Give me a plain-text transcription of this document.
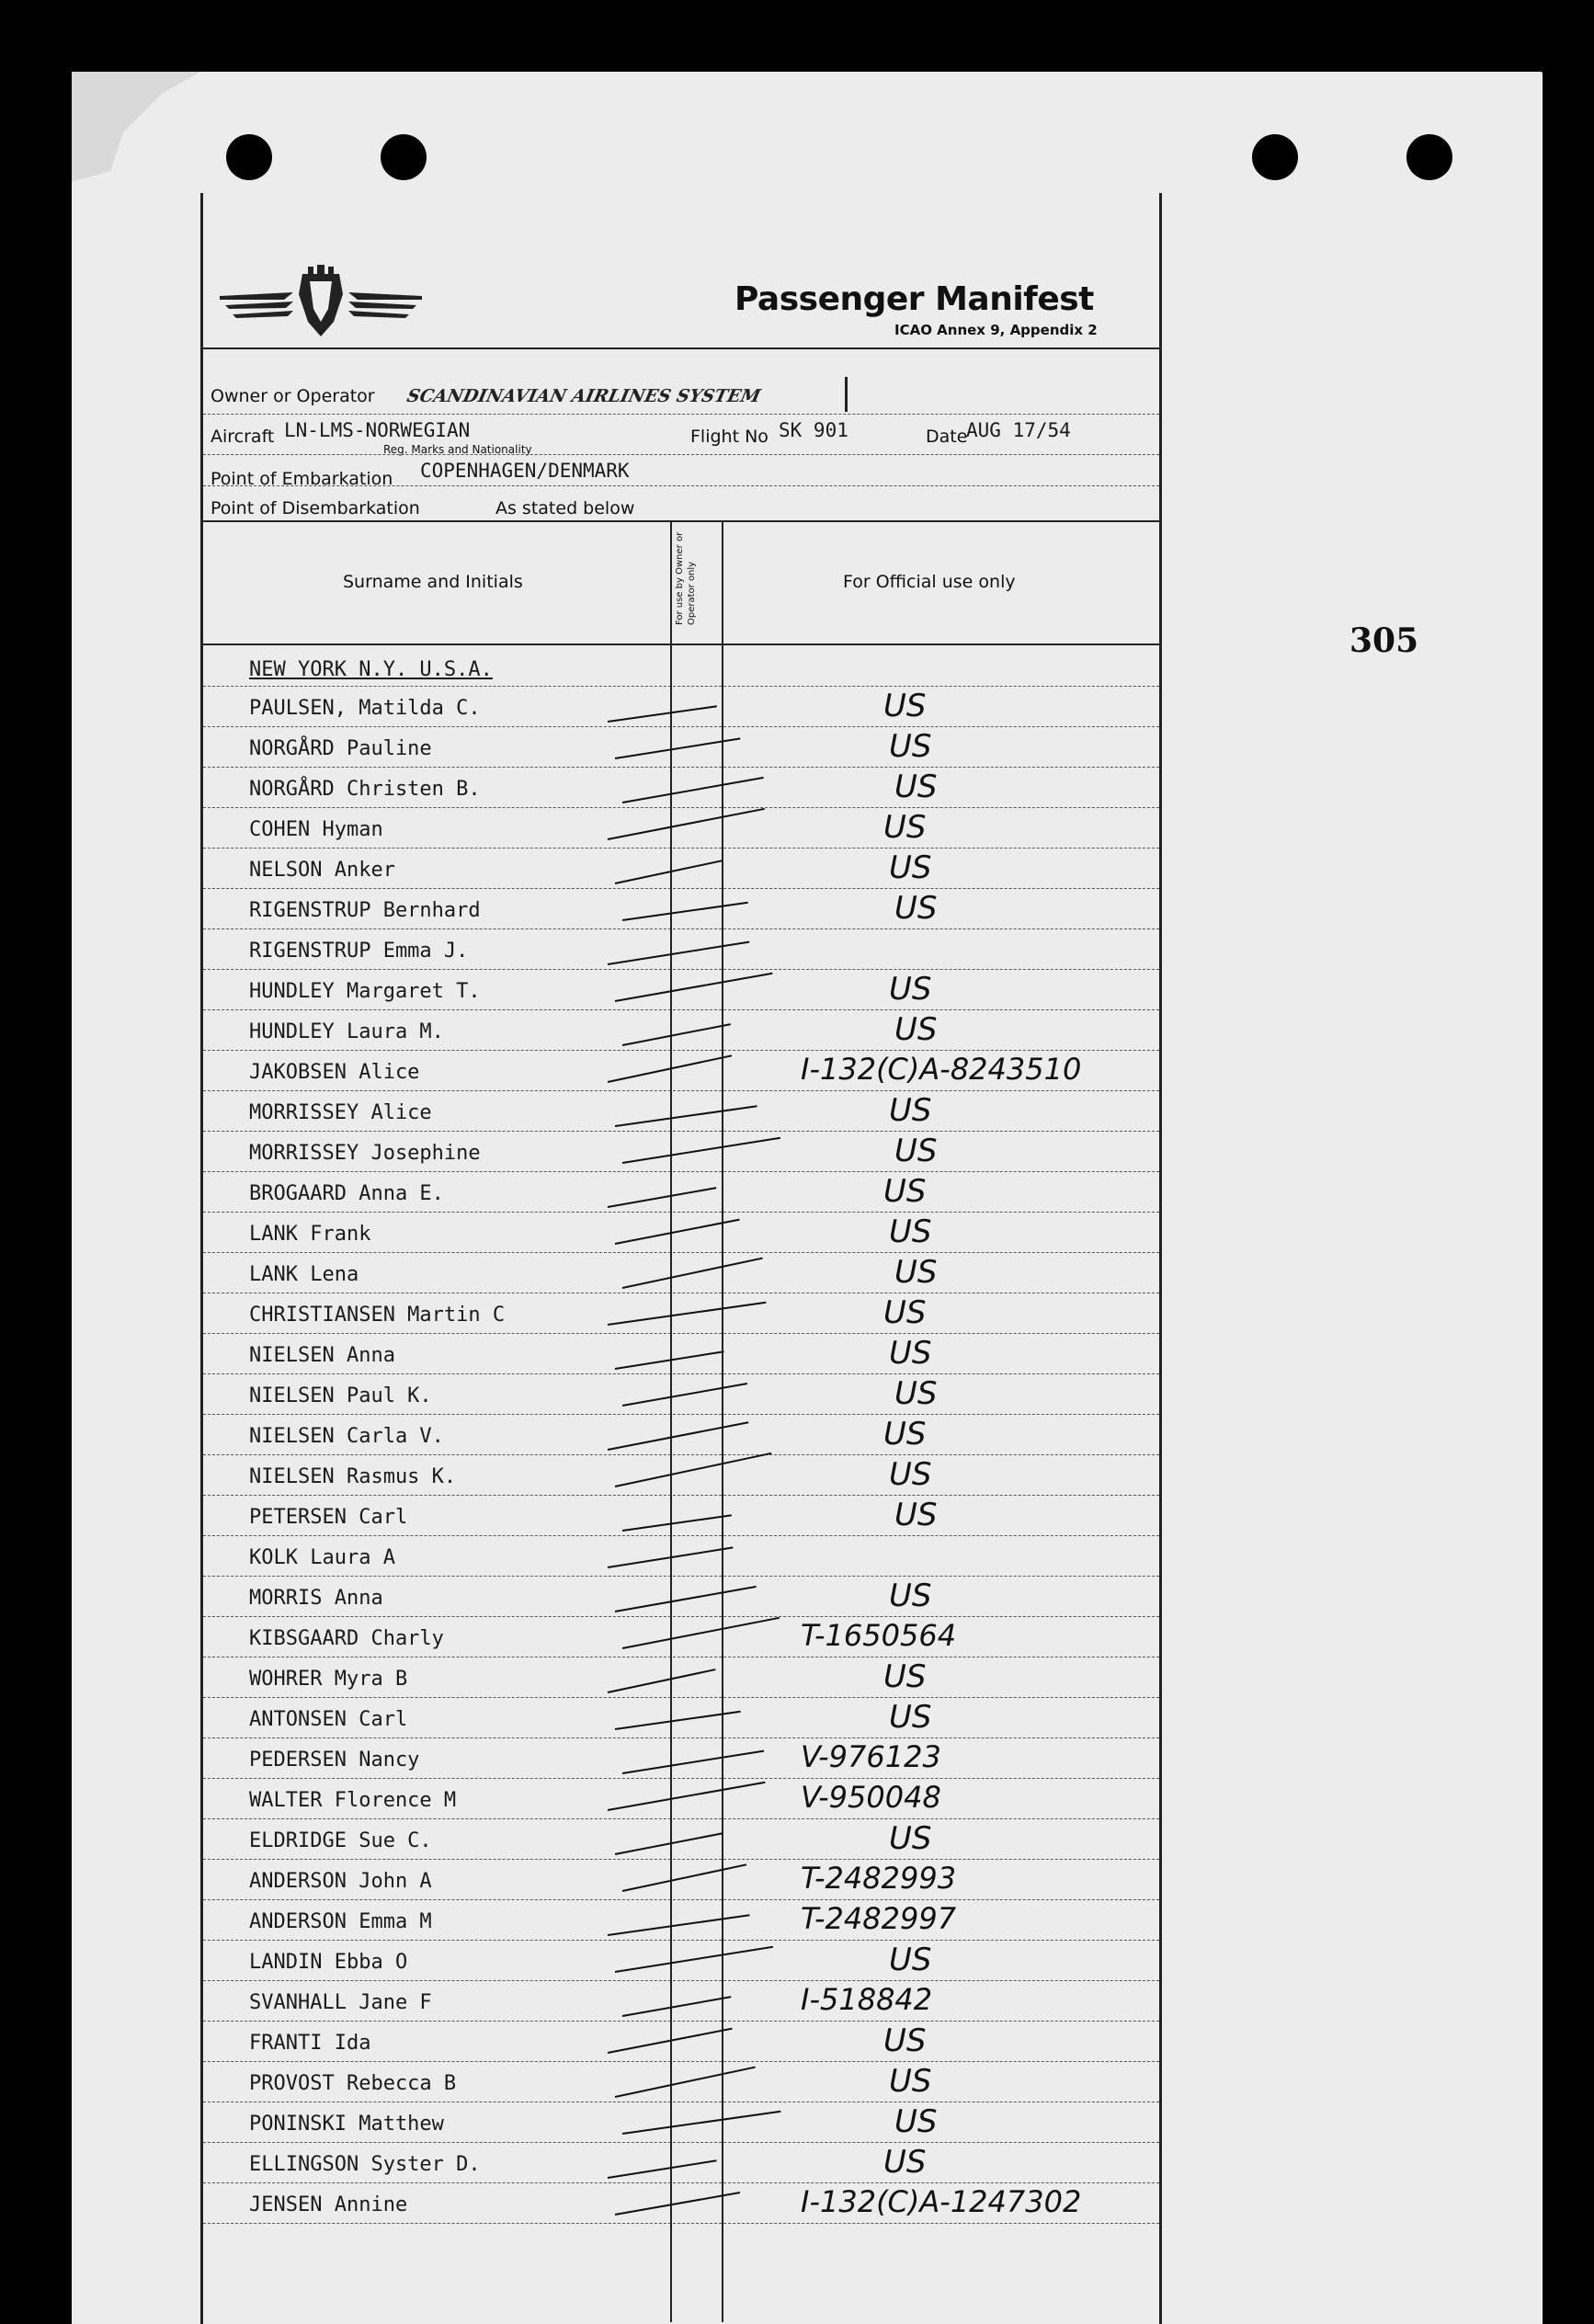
305
Passenger Manifest
ICAO Annex 9, Appendix 2
Owner or Operator SCANDINAVIAN AIRLINES SYSTEM
Aircraft LN-LMS-NORWEGIAN
Reg. Marks and Nationality
Flight No SK 901	Date
AUG 17/54
Point of Embarkation COPENHAGEN/DENMARK
Point of Disembarkation	As stated below
Surname and Initials	For use by Owner or Operator only	For Official use only
NEW YORK N.Y. U.S.A.
PAULSEN, Matilda C.	US
NORGÅRD Pauline	US
NORGÅRD Christen B.	US
COHEN Hyman	US
NELSON Anker	US
RIGENSTRUP Bernhard	US
RIGENSTRUP Emma J.
HUNDLEY Margaret T.	US
HUNDLEY Laura M.	US
JAKOBSEN Alice	I-132(C)A-8243510
MORRISSEY Alice	US
MORRISSEY Josephine	US
BROGAARD Anna E.	US
LANK Frank	US
LANK Lena	US
CHRISTIANSEN Martin C	US
NIELSEN Anna	US
NIELSEN Paul K.	US
NIELSEN Carla V.	US
NIELSEN Rasmus K.	US
PETERSEN Carl	US
KOLK Laura A
MORRIS Anna	US
KIBSGAARD Charly	T-1650564
WOHRER Myra B	US
ANTONSEN Carl	US
PEDERSEN Nancy	V-976123
WALTER Florence M	V-950048
ELDRIDGE Sue C.	US
ANDERSON John A	T-2482993
ANDERSON Emma M	T-2482997
LANDIN Ebba O	US
SVANHALL Jane F	I-518842
FRANTI Ida	US
PROVOST Rebecca B	US
PONINSKI Matthew	US
ELLINGSON Syster D.	US
JENSEN Annine	I-132(C)A-1247302
